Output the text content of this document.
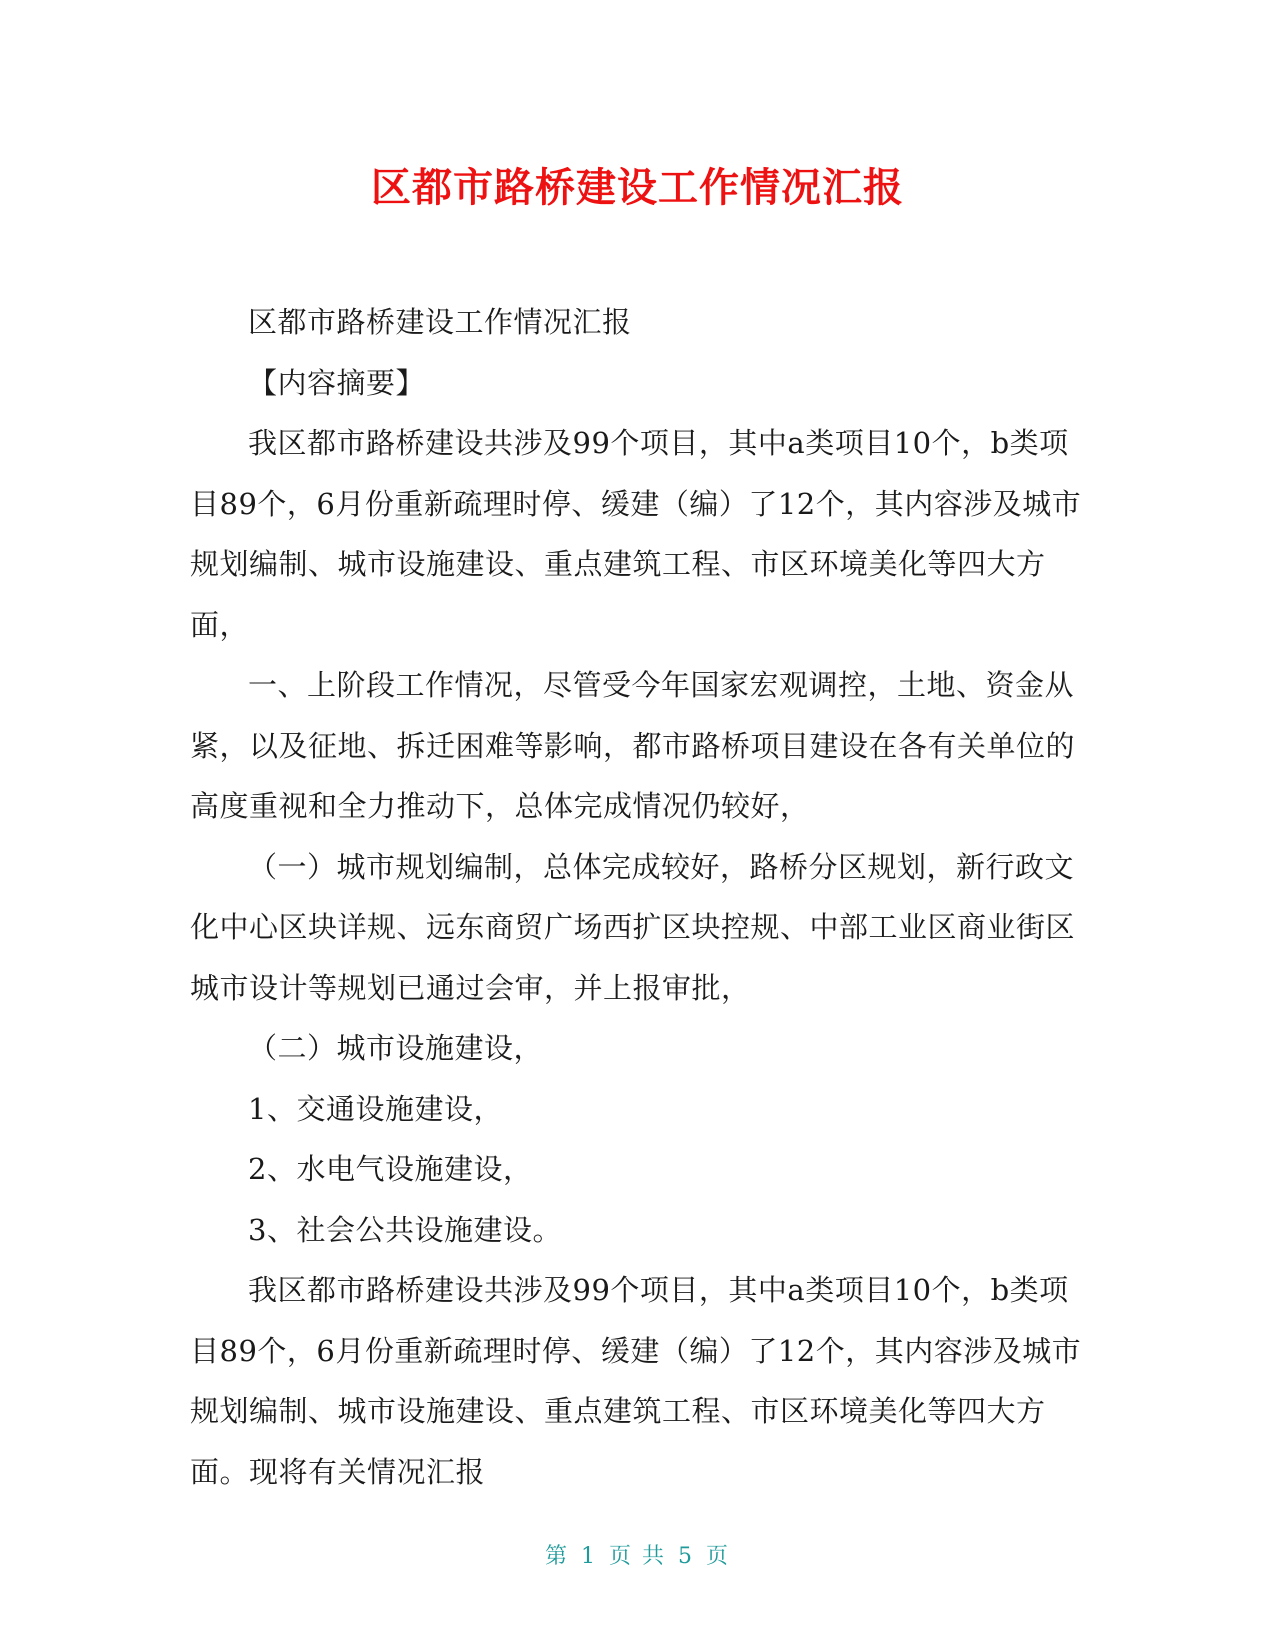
区都市路桥建设工作情况汇报

区都市路桥建设工作情况汇报

【内容摘要】

我区都市路桥建设共涉及99个项目，其中a类项目10个，b类项目89个，6月份重新疏理时停、缓建（编）了12个，其内容涉及城市规划编制、城市设施建设、重点建筑工程、市区环境美化等四大方面，

一、上阶段工作情况，尽管受今年国家宏观调控，土地、资金从紧，以及征地、拆迁困难等影响，都市路桥项目建设在各有关单位的高度重视和全力推动下，总体完成情况仍较好，

（一）城市规划编制，总体完成较好，路桥分区规划，新行政文化中心区块详规、远东商贸广场西扩区块控规、中部工业区商业街区城市设计等规划已通过会审，并上报审批，

（二）城市设施建设，

1、交通设施建设，

2、水电气设施建设，

3、社会公共设施建设。

我区都市路桥建设共涉及99个项目，其中a类项目10个，b类项目89个，6月份重新疏理时停、缓建（编）了12个，其内容涉及城市规划编制、城市设施建设、重点建筑工程、市区环境美化等四大方面。现将有关情况汇报

第 1 页 共 5 页
